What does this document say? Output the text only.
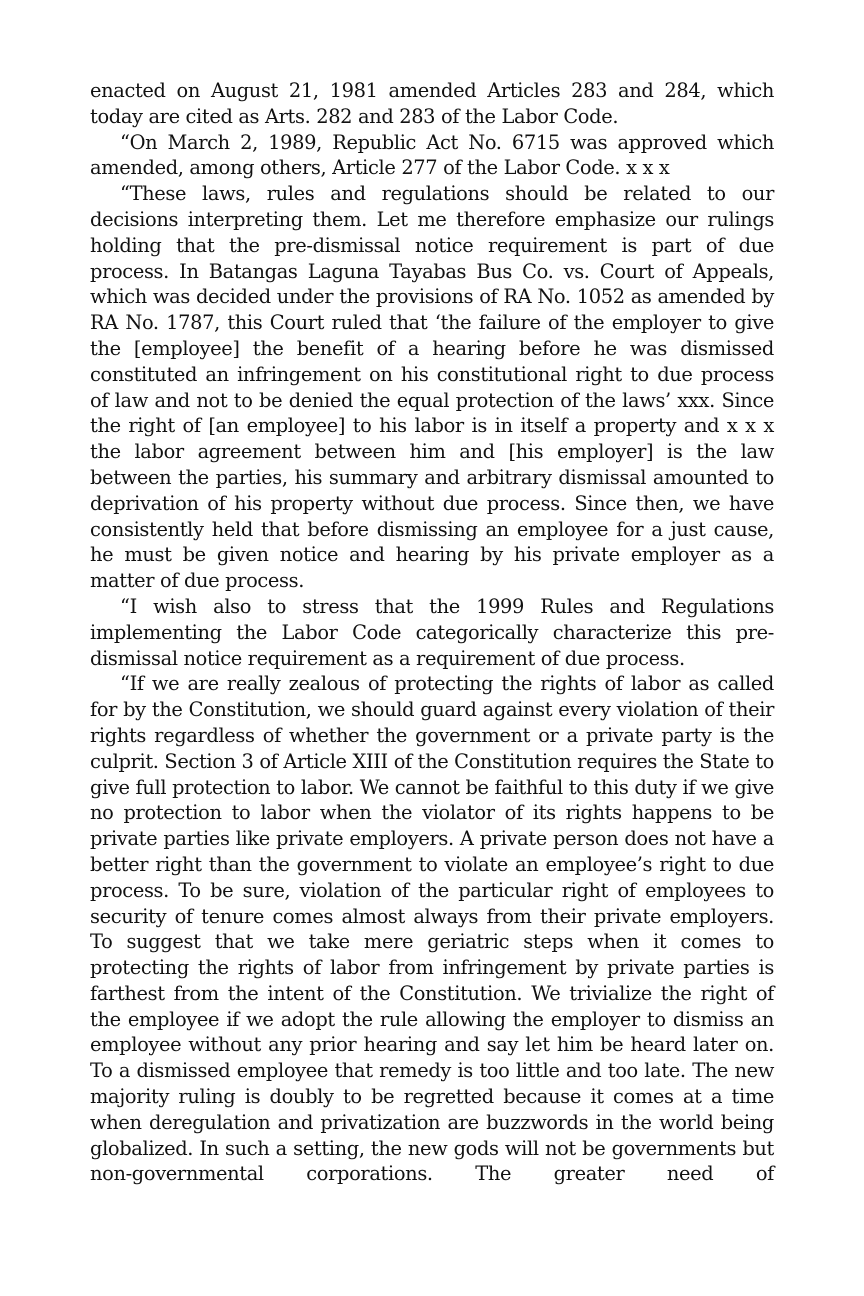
enacted on August 21, 1981 amended Articles 283 and 284, which today are cited as Arts. 282 and 283 of the Labor Code.

“On March 2, 1989, Republic Act No. 6715 was approved which amended, among others, Article 277 of the Labor Code. x x x

“These laws, rules and regulations should be related to our decisions interpreting them. Let me therefore emphasize our rulings holding that the pre-dismissal notice requirement is part of due process. In Batangas Laguna Tayabas Bus Co. vs. Court of Appeals, which was decided under the provisions of RA No. 1052 as amended by RA No. 1787, this Court ruled that ‘the failure of the employer to give the [employee] the benefit of a hearing before he was dismissed constituted an infringement on his constitutional right to due process of law and not to be denied the equal protection of the laws’ xxx. Since the right of [an employee] to his labor is in itself a property and x x x the labor agreement between him and [his employer] is the law between the parties, his summary and arbitrary dismissal amounted to deprivation of his property without due process. Since then, we have consistently held that before dismissing an employee for a just cause, he must be given notice and hearing by his private employer as a matter of due process.

“I wish also to stress that the 1999 Rules and Regulations implementing the Labor Code categorically characterize this pre-dismissal notice requirement as a requirement of due process.

“If we are really zealous of protecting the rights of labor as called for by the Constitution, we should guard against every violation of their rights regardless of whether the government or a private party is the culprit. Section 3 of Article XIII of the Constitution requires the State to give full protection to labor. We cannot be faithful to this duty if we give no protection to labor when the violator of its rights happens to be private parties like private employers. A private person does not have a better right than the government to violate an employee’s right to due process. To be sure, violation of the particular right of employees to security of tenure comes almost always from their private employers. To suggest that we take mere geriatric steps when it comes to protecting the rights of labor from infringement by private parties is farthest from the intent of the Constitution. We trivialize the right of the employee if we adopt the rule allowing the employer to dismiss an employee without any prior hearing and say let him be heard later on. To a dismissed employee that remedy is too little and too late. The new majority ruling is doubly to be regretted because it comes at a time when deregulation and privatization are buzzwords in the world being globalized. In such a setting, the new gods will not be governments but non-governmental corporations. The greater need of
